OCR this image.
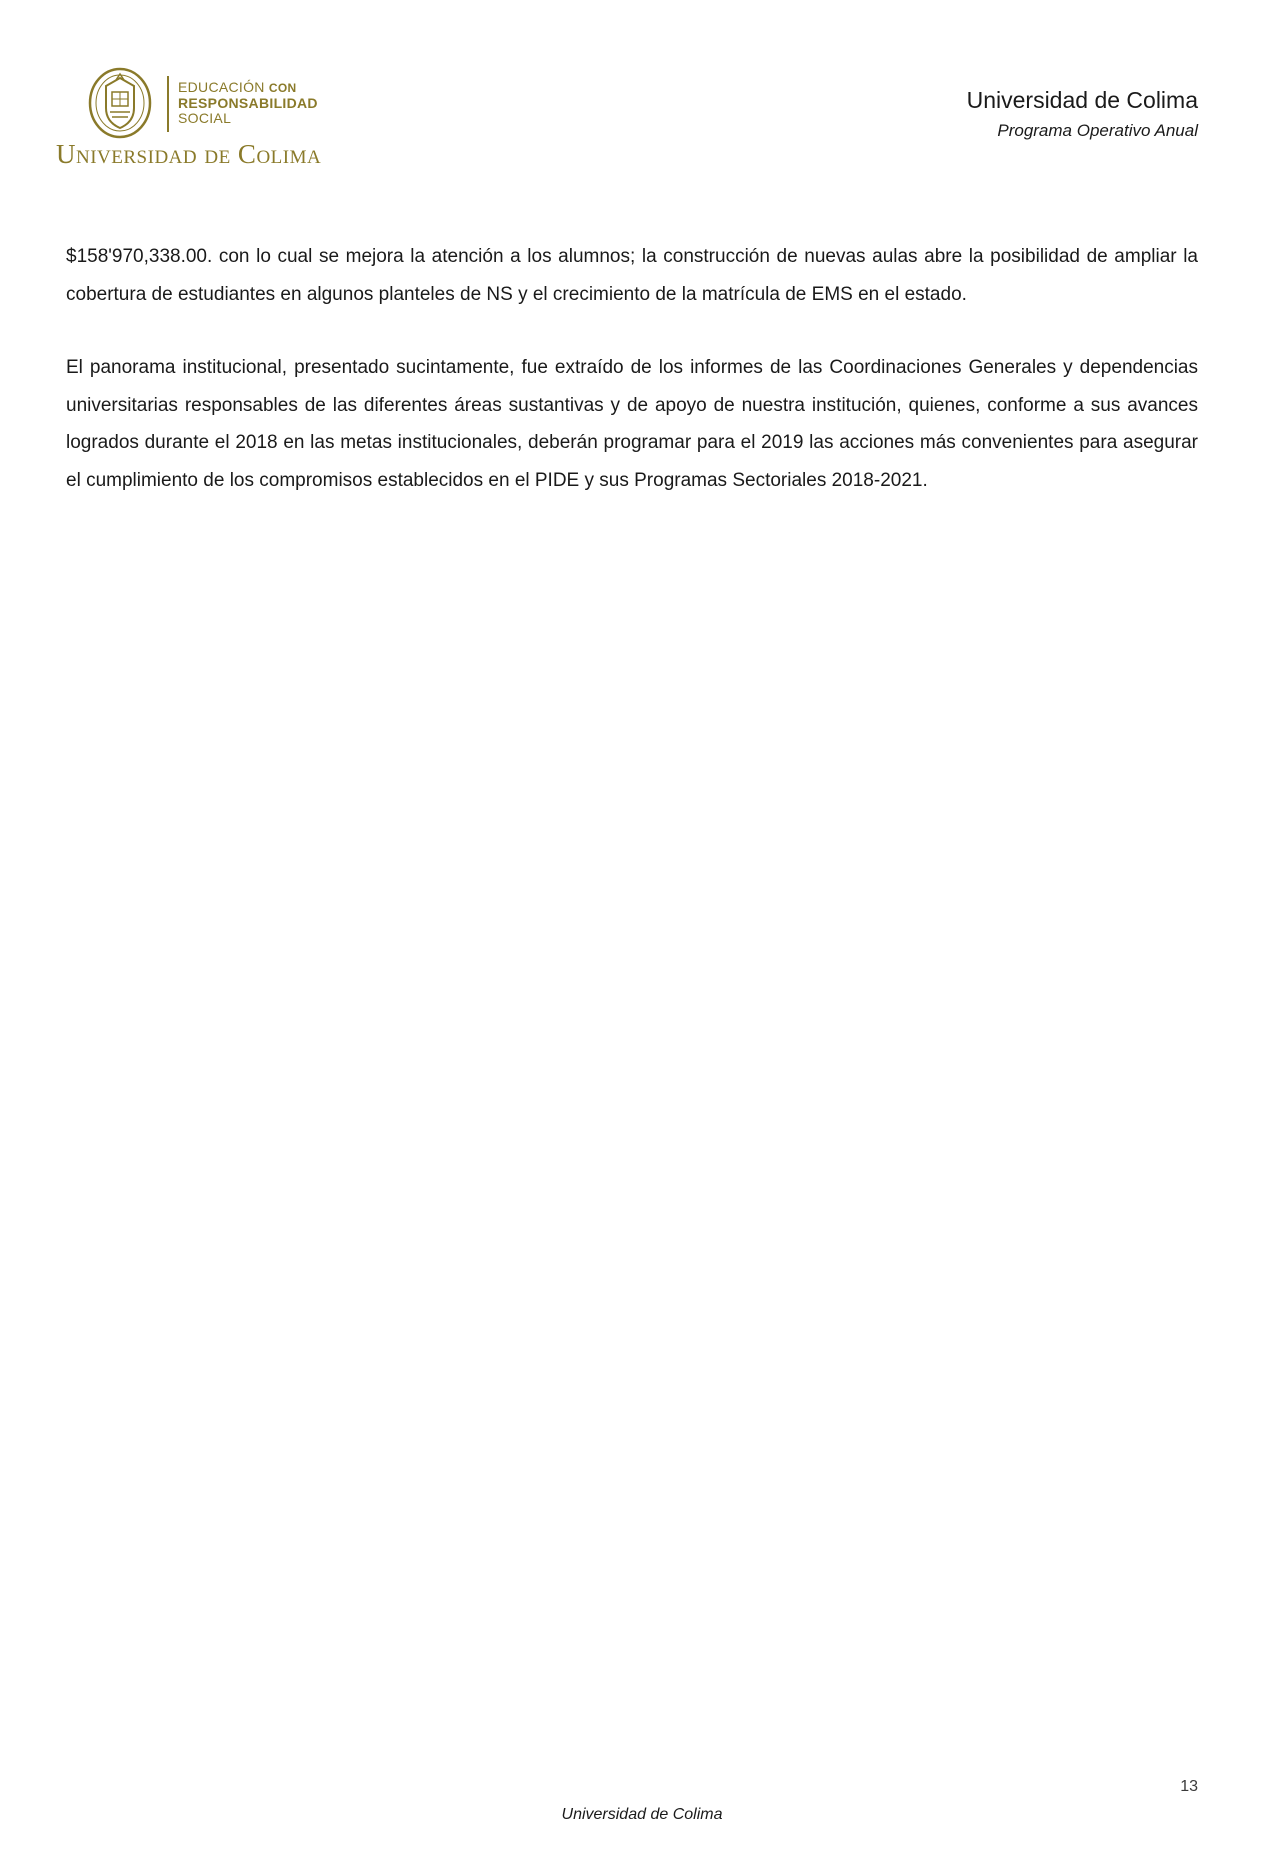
EDUCACIÓN CON
RESPONSABILIDAD
SOCIAL
Universidad de Colima
Universidad de Colima
Programa Operativo Anual

$158'970,338.00. con lo cual se mejora la atención a los alumnos; la construcción de nuevas aulas abre la posibilidad de ampliar la cobertura de estudiantes en algunos planteles de NS y el crecimiento de la matrícula de EMS en el estado.

El panorama institucional, presentado sucintamente, fue extraído de los informes de las Coordinaciones Generales y dependencias universitarias responsables de las diferentes áreas sustantivas y de apoyo de nuestra institución, quienes, conforme a sus avances logrados durante el 2018 en las metas institucionales, deberán programar para el 2019 las acciones más convenientes para asegurar el cumplimiento de los compromisos establecidos en el PIDE y sus Programas Sectoriales 2018-2021.

13
Universidad de Colima
